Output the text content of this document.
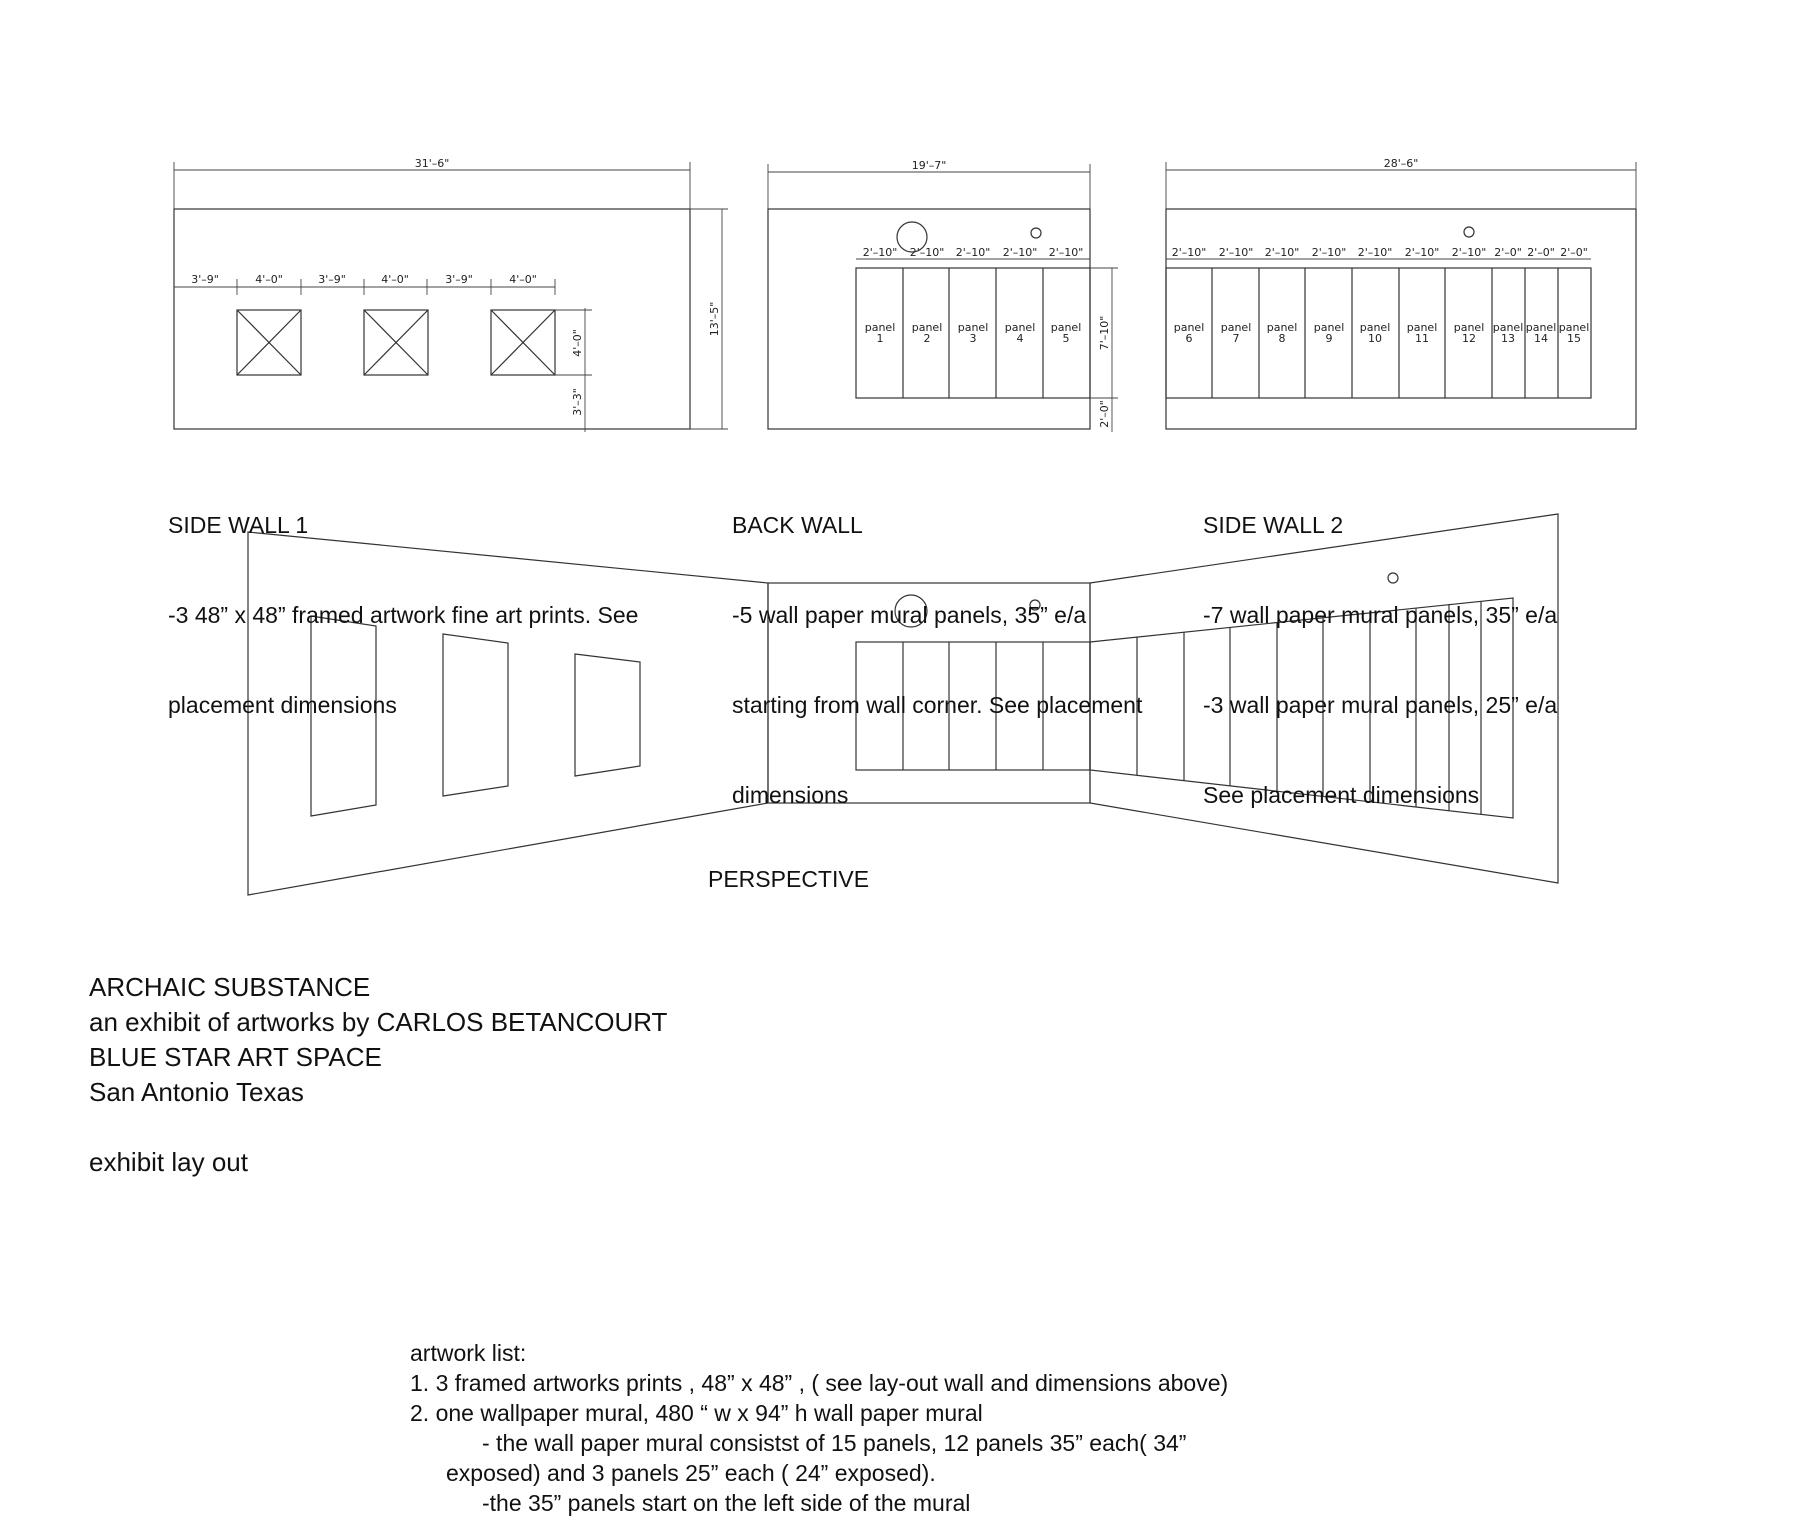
31'–6"
13'–5"
3'–9"	4'–0"	3'–9"	4'–0"	3'–9"	4'–0"
4'–0"
3'–3"
19'–7"
2'–10" 2'–10" 2'–10" 2'–10" 2'–10"
panel
1
panel
2
panel
3
panel
4
panel
5	7'–10"
2'–0"
28'–6"
2'–10" 2'–10" 2'–10" 2'–10" 2'–10" 2'–10" 2'–10" 2'–0" 2'–0" 2'–0"
panel
6
panel
7
panel
8
panel
9
panel
10
panel
11
panel
12
panel
13
panel
14
panel
15

SIDE WALL 1

-3 48” x 48” framed artwork fine art prints. See

placement dimensions

BACK WALL

-5 wall paper mural panels, 35” e/a

starting from wall corner. See placement

dimensions

SIDE WALL 2

-7 wall paper mural panels, 35” e/a

-3 wall paper mural panels, 25” e/a

See placement dimensions

PERSPECTIVE
ARCHAIC SUBSTANCE
an exhibit of artworks by CARLOS BETANCOURT
BLUE STAR ART SPACE
San Antonio Texas
exhibit lay out
artwork list:
1. 3 framed artworks prints , 48” x 48” , ( see lay-out wall and dimensions above)
2. one wallpaper mural, 480 “ w x 94” h wall paper mural
- the wall paper mural consistst of 15 panels, 12 panels 35” each( 34”
exposed) and 3 panels 25” each ( 24” exposed).
-the 35” panels start on the left side of the mural
